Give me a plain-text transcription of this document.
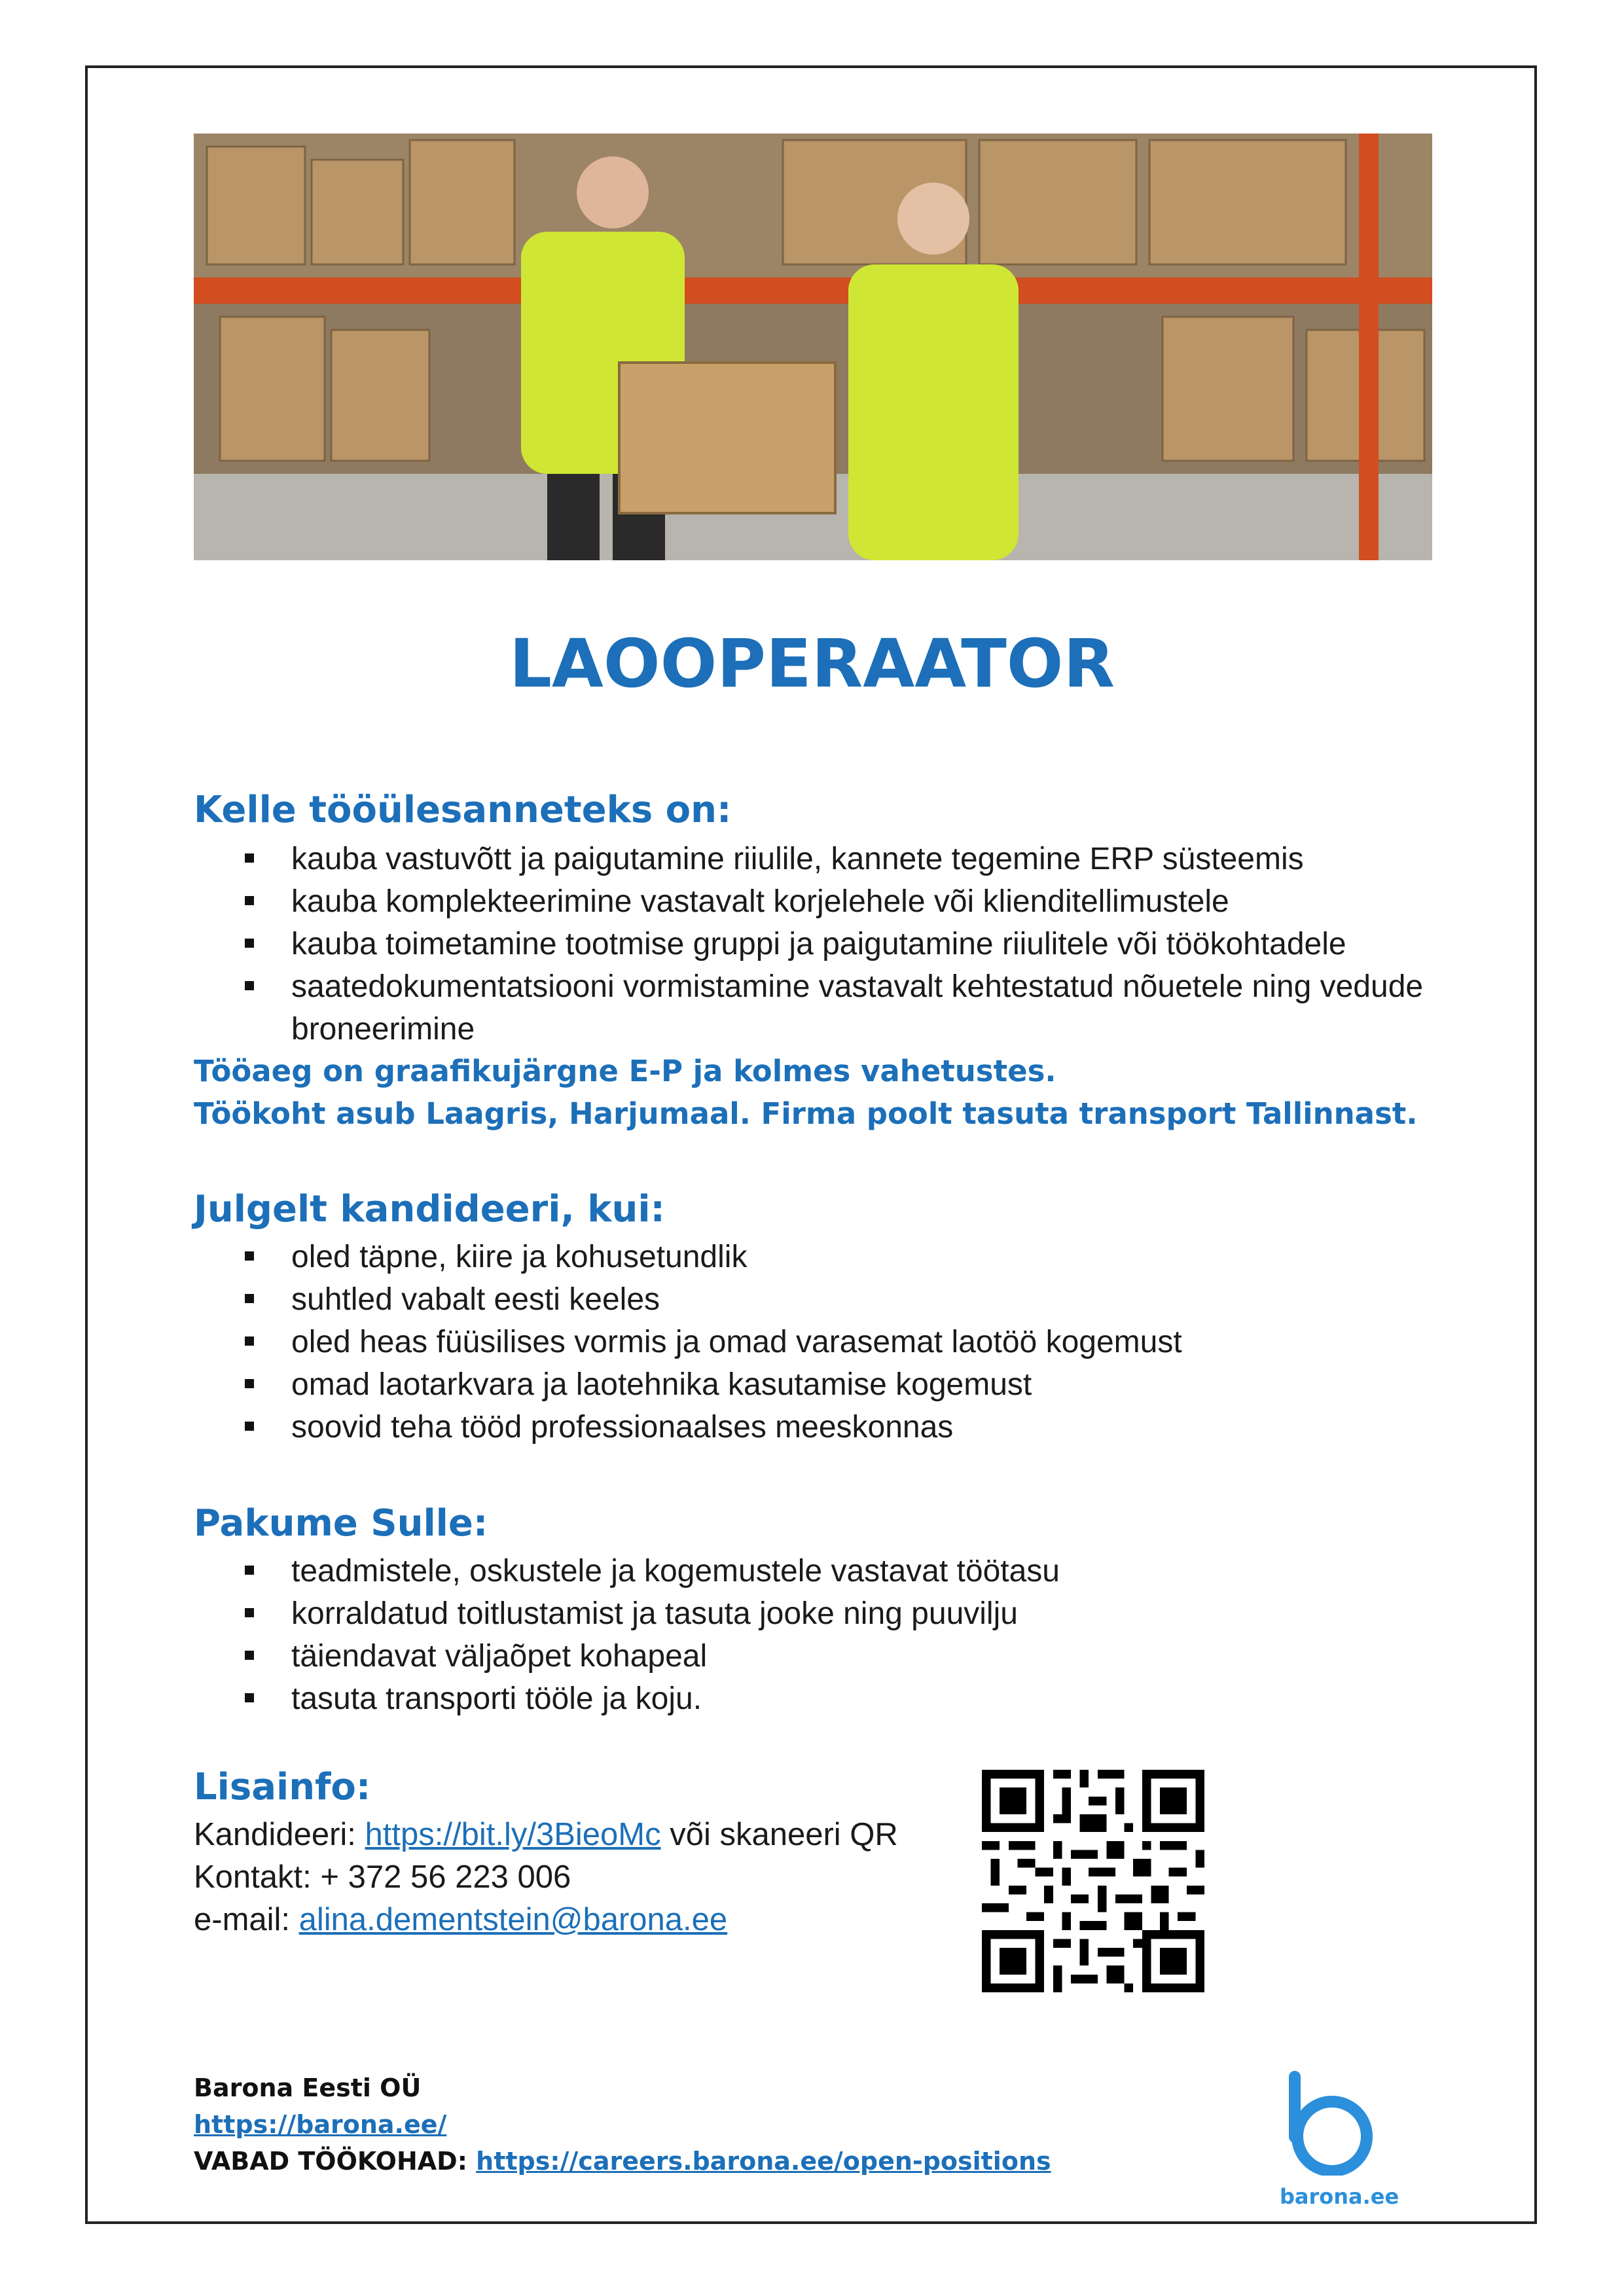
LAOOPERAATOR
Kelle tööülesanneteks on:
kauba vastuvõtt ja paigutamine riiulile, kannete tegemine ERP süsteemis
kauba komplekteerimine vastavalt korjelehele või klienditellimustele
kauba toimetamine tootmise gruppi ja paigutamine riiulitele või töökohtadele
saatedokumentatsiooni vormistamine vastavalt kehtestatud nõuetele ning vedude broneerimine
Tööaeg on graafikujärgne E-P ja kolmes vahetustes.
Töökoht asub Laagris, Harjumaal. Firma poolt tasuta transport Tallinnast.
Julgelt kandideeri, kui:
oled täpne, kiire ja kohusetundlik
suhtled vabalt eesti keeles
oled heas füüsilises vormis ja omad varasemat laotöö kogemust
omad laotarkvara ja laotehnika kasutamise kogemust
soovid teha tööd professionaalses meeskonnas
Pakume Sulle:
teadmistele, oskustele ja kogemustele vastavat töötasu
korraldatud toitlustamist ja tasuta jooke ning puuvilju
täiendavat väljaõpet kohapeal
tasuta transporti tööle ja koju.
Lisainfo:
Kandideeri: https://bit.ly/3BieoMc või skaneeri QR
Kontakt: + 372 56 223 006
e-mail: alina.dementstein@barona.ee
Barona Eesti OÜ
https://barona.ee/
VABAD TÖÖKOHAD: https://careers.barona.ee/open-positions
barona.ee
